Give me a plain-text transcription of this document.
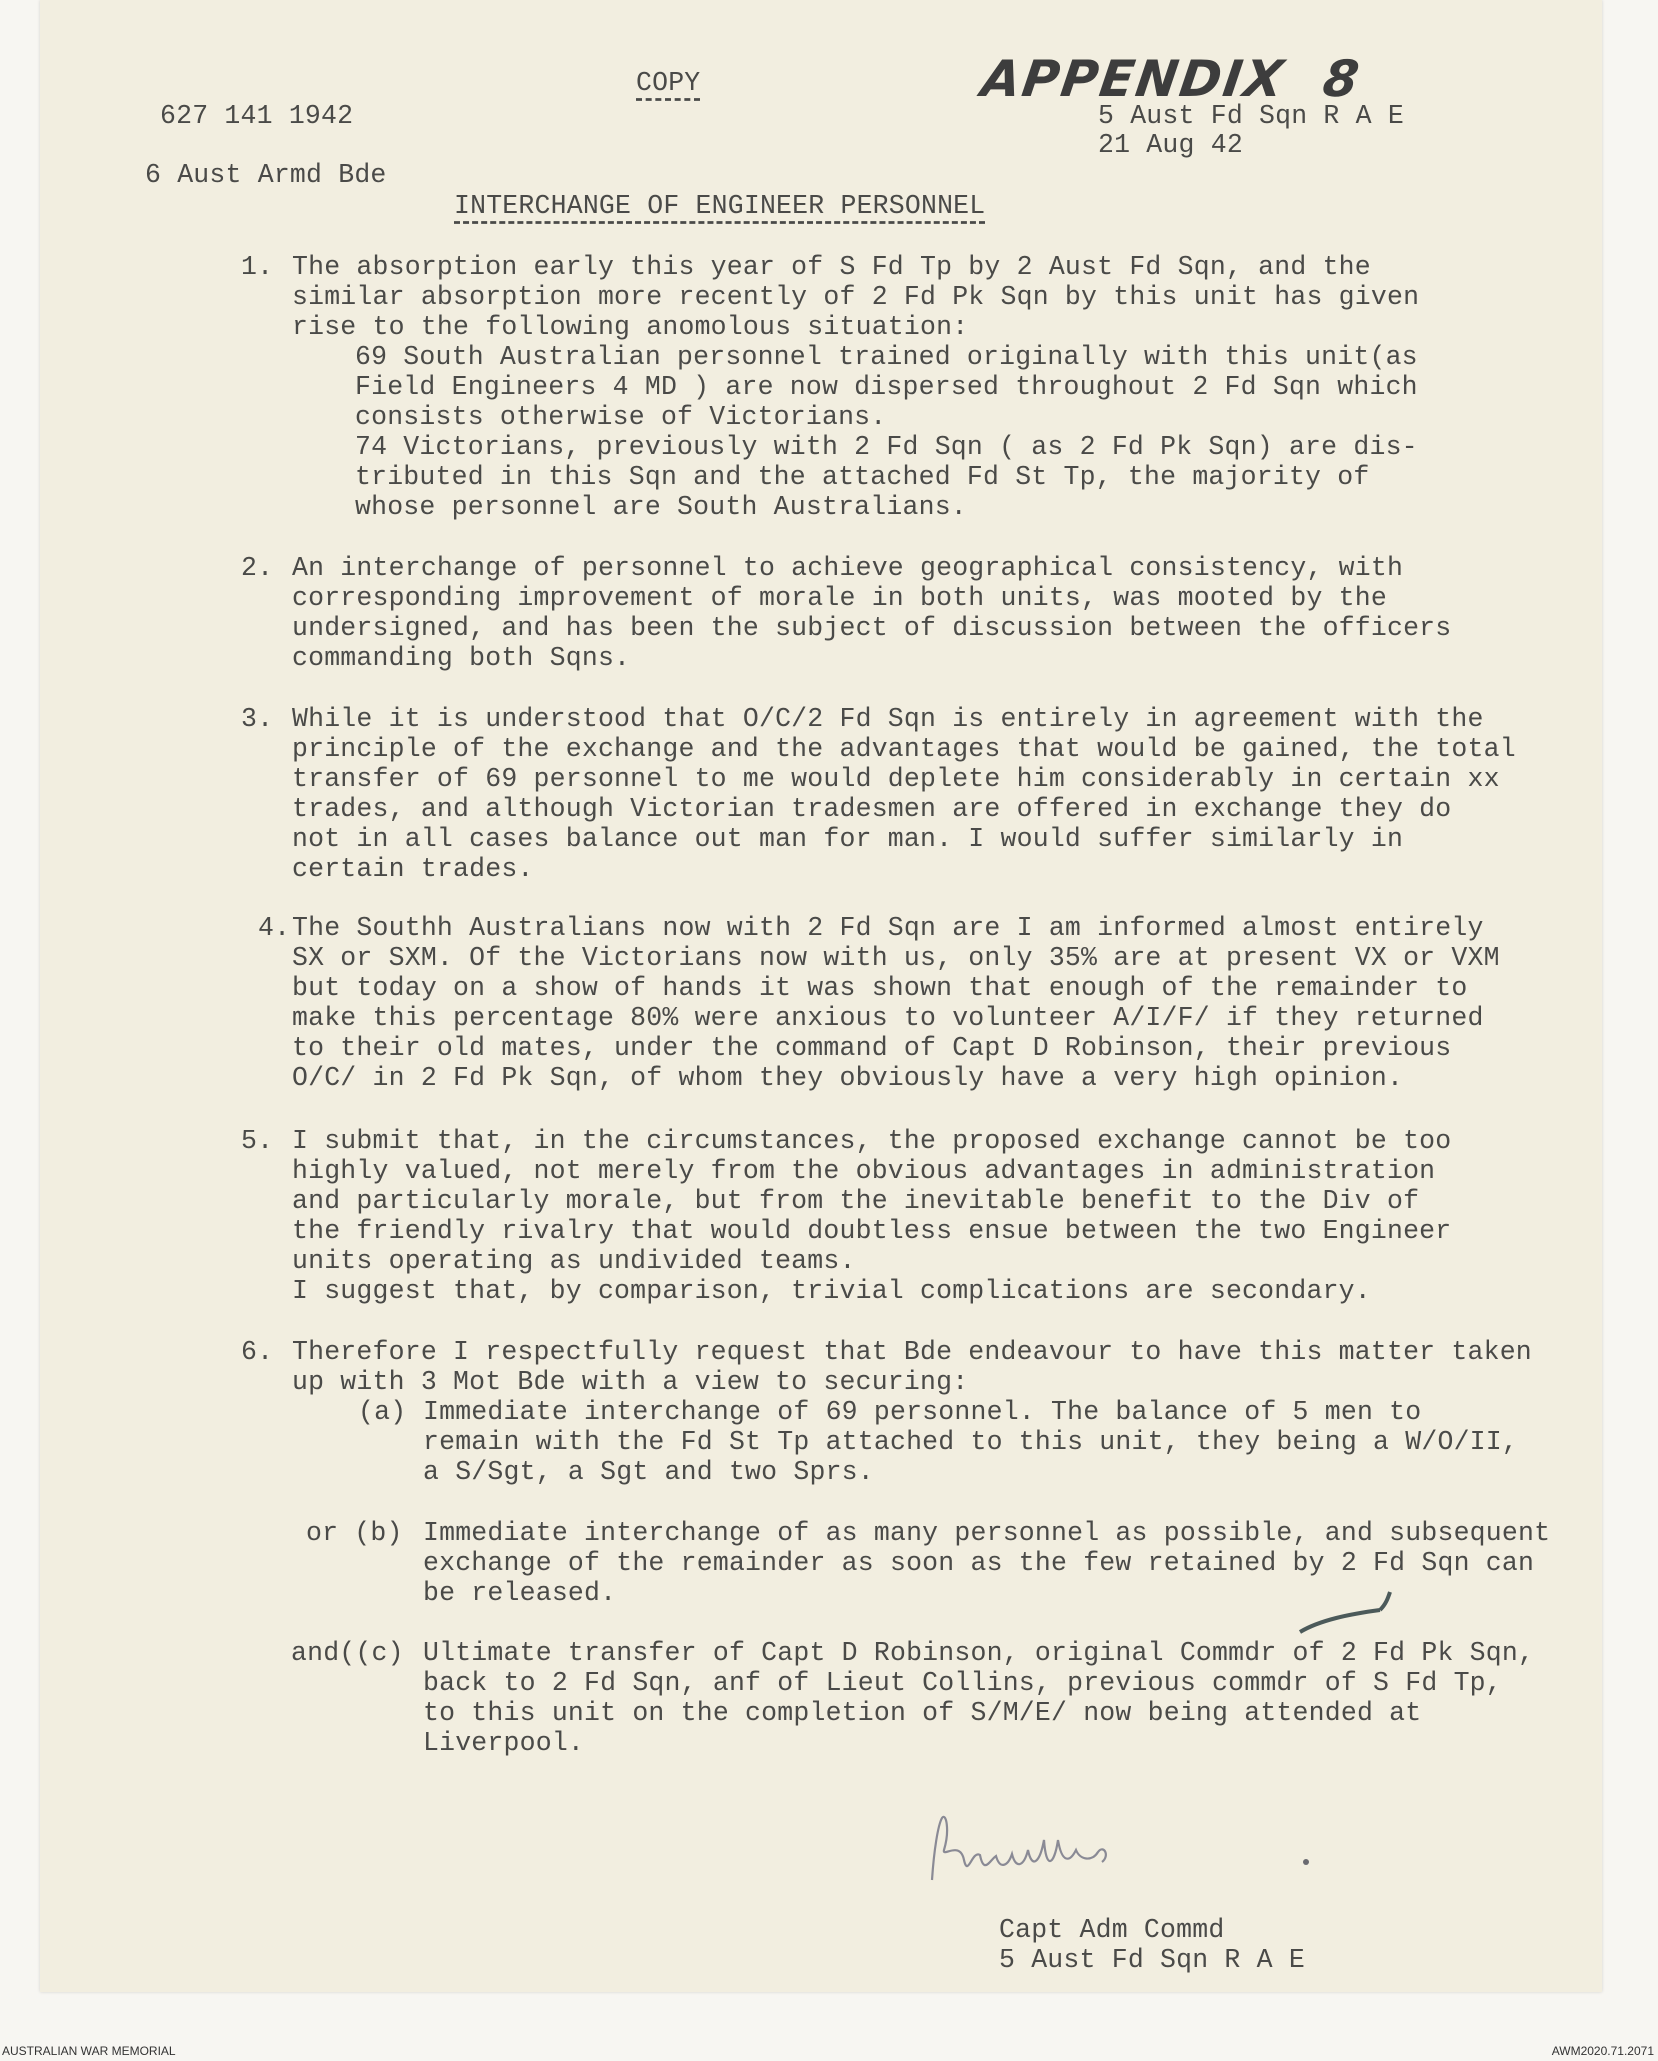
627 141 1942
COPY	APPENDIX  8
5 Aust Fd Sqn R A E
21 Aug 42
6 Aust Armd Bde
INTERCHANGE OF ENGINEER PERSONNEL
1. The absorption early this year of S Fd Tp by 2 Aust Fd Sqn, and the
similar absorption more recently of 2 Fd Pk Sqn by this unit has given
rise to the following anomolous situation:
69 South Australian personnel trained originally with this unit(as
Field Engineers 4 MD ) are now dispersed throughout 2 Fd Sqn which
consists otherwise of Victorians.
74 Victorians, previously with 2 Fd Sqn ( as 2 Fd Pk Sqn) are dis-
tributed in this Sqn and the attached Fd St Tp, the majority of
whose personnel are South Australians.
2. An interchange of personnel to achieve geographical consistency, with
corresponding improvement of morale in both units, was mooted by the
undersigned, and has been the subject of discussion between the officers
commanding both Sqns.
3. While it is understood that O/C/2 Fd Sqn is entirely in agreement with the
principle of the exchange and the advantages that would be gained, the total
transfer of 69 personnel to me would deplete him considerably in certain xx
trades, and although Victorian tradesmen are offered in exchange they do
not in all cases balance out man for man. I would suffer similarly in
certain trades.
4. The Southh Australians now with 2 Fd Sqn are I am informed almost entirely
SX or SXM. Of the Victorians now with us, only 35% are at present VX or VXM
but today on a show of hands it was shown that enough of the remainder to
make this percentage 80% were anxious to volunteer A/I/F/ if they returned
to their old mates, under the command of Capt D Robinson, their previous
O/C/ in 2 Fd Pk Sqn, of whom they obviously have a very high opinion.
5. I submit that, in the circumstances, the proposed exchange cannot be too
highly valued, not merely from the obvious advantages in administration
and particularly morale, but from the inevitable benefit to the Div of
the friendly rivalry that would doubtless ensue between the two Engineer
units operating as undivided teams.
I suggest that, by comparison, trivial complications are secondary.
6. Therefore I respectfully request that Bde endeavour to have this matter taken
up with 3 Mot Bde with a view to securing:
(a) Immediate interchange of 69 personnel. The balance of 5 men to
remain with the Fd St Tp attached to this unit, they being a W/O/II,
a S/Sgt, a Sgt and two Sprs.
or (b) Immediate interchange of as many personnel as possible, and subsequent
exchange of the remainder as soon as the few retained by 2 Fd Sqn can
be released.
and((c) Ultimate transfer of Capt D Robinson, original Commdr of 2 Fd Pk Sqn,
back to 2 Fd Sqn, anf of Lieut Collins, previous commdr of S Fd Tp,
to this unit on the completion of S/M/E/ now being attended at
Liverpool.
Capt Adm Commd
5 Aust Fd Sqn R A E
AUSTRALIAN WAR MEMORIAL	AWM2020.71.2071
